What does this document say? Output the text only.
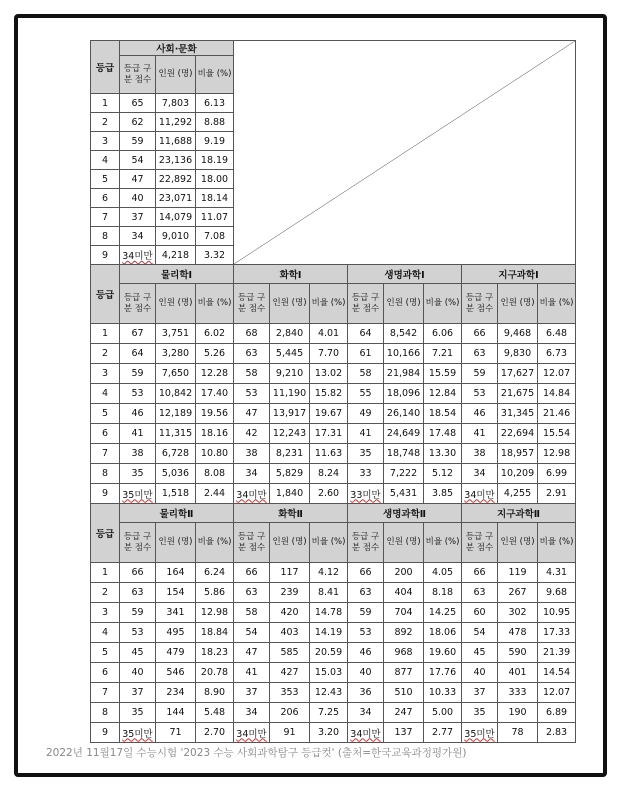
등급	사회·문화	

	등급 구분 점수	인원 (명)	비율 (%)									
1	65	7,803	6.13									
2	62	11,292	8.88									
3	59	11,688	9.19									
4	54	23,136	18.19									
5	47	22,892	18.00									
6	40	23,071	18.14									
7	37	14,079	11.07									
8	34	9,010	7.08									
9	34미만	4,218	3.32									
등급	물리학Ⅰ			화학Ⅰ			생명과학Ⅰ			지구과학Ⅰ		
	등급 구분 점수	인원 (명)	비율 (%)	등급 구분 점수	인원 (명)	비율 (%)	등급 구분 점수	인원 (명)	비율 (%)	등급 구분 점수	인원 (명)	비율 (%)
1	67	3,751	6.02	68	2,840	4.01	64	8,542	6.06	66	9,468	6.48
2	64	3,280	5.26	63	5,445	7.70	61	10,166	7.21	63	9,830	6.73
3	59	7,650	12.28	58	9,210	13.02	58	21,984	15.59	59	17,627	12.07
4	53	10,842	17.40	53	11,190	15.82	55	18,096	12.84	53	21,675	14.84
5	46	12,189	19.56	47	13,917	19.67	49	26,140	18.54	46	31,345	21.46
6	41	11,315	18.16	42	12,243	17.31	41	24,649	17.48	41	22,694	15.54
7	38	6,728	10.80	38	8,231	11.63	35	18,748	13.30	38	18,957	12.98
8	35	5,036	8.08	34	5,829	8.24	33	7,222	5.12	34	10,209	6.99
9	35미만	1,518	2.44	34미만	1,840	2.60	33미만	5,431	3.85	34미만	4,255	2.91
등급	물리학Ⅱ			화학Ⅱ			생명과학Ⅱ			지구과학Ⅱ		
	등급 구분 점수	인원 (명)	비율 (%)	등급 구분 점수	인원 (명)	비율 (%)	등급 구분 점수	인원 (명)	비율 (%)	등급 구분 점수	인원 (명)	비율 (%)
1	66	164	6.24	66	117	4.12	66	200	4.05	66	119	4.31
2	63	154	5.86	63	239	8.41	63	404	8.18	63	267	9.68
3	59	341	12.98	58	420	14.78	59	704	14.25	60	302	10.95
4	53	495	18.84	54	403	14.19	53	892	18.06	54	478	17.33
5	45	479	18.23	47	585	20.59	46	968	19.60	45	590	21.39
6	40	546	20.78	41	427	15.03	40	877	17.76	40	401	14.54
7	37	234	8.90	37	353	12.43	36	510	10.33	37	333	12.07
8	35	144	5.48	34	206	7.25	34	247	5.00	35	190	6.89
9	35미만	71	2.70	34미만	91	3.20	34미만	137	2.77	35미만	78	2.83
2022년 11월17일 수능시험 '2023 수능 사회과학탐구 등급컷' (출처=한국교육과정평가원)
